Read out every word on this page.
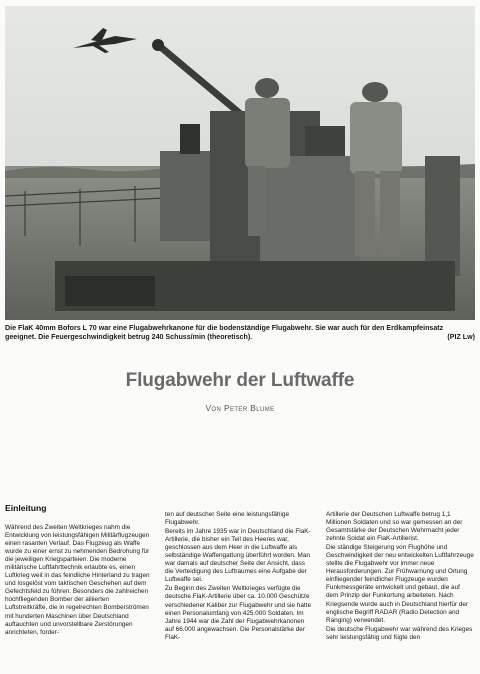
Die FlaK 40mm Bofors L 70 war eine Flugabwehrkanone für die bodenständige Flugabwehr. Sie war auch für den Erdkampfeinsatz geeignet. Die Feuergeschwindigkeit betrug 240 Schuss/min (theoretisch).	(PIZ Lw)
Flugabwehr der Luftwaffe
Von Peter Blume
Einleitung

Während des Zweiten Weltkrieges nahm die Entwicklung von leistungsfähigen Militärflugzeugen einen rasanten Verlauf. Das Flugzeug als Waffe wurde zu einer ernst zu nehmenden Bedrohung für die jeweiligen Kriegsparteien. Die moderne militärische Luftfahrttechnik erlaubte es, einen Luftkrieg weit in das feindliche Hinterland zu tragen und losgelöst vom taktischen Geschehen auf dem Gefechtsfeld zu führen. Besonders die zahlreichen hochfliegenden Bomber der alliierten Luftstreitkräfte, die in regelrechten Bomberströmen mit hunderten Maschinen über Deutschland auftauchten und unvorstellbare Zerstörungen anrichteten, forder-

ten auf deutscher Seite eine leistungsfähige Flugabwehr.

Bereits im Jahre 1935 war in Deutschland die FlaK-Artillerie, die bisher ein Teil des Heeres war, geschlossen aus dem Heer in die Luftwaffe als selbständige Waffengattung überführt worden. Man war damals auf deutscher Seite der Ansicht, dass die Verteidigung des Luftraumes eine Aufgabe der Luftwaffe sei.

Zu Beginn des Zweiten Weltkrieges verfügte die deutsche FlaK-Artillerie über ca. 10.000 Geschütze verschiedener Kaliber zur Flugabwehr und sie hatte einen Personalumfang von 425.000 Soldaten. Im Jahre 1944 war die Zahl der Flugabwehrkanonen auf 66.000 angewachsen. Die Personalstärke der FlaK-

Artillerie der Deutschen Luftwaffe betrug 1,1 Millionen Soldaten und so war gemessen an der Gesamtstärke der Deutschen Wehrmacht jeder zehnte Soldat ein FlaK-Artillerist.

Die ständige Steigerung von Flughöhe und Geschwindigkeit der neu entwickelten Luftfahrzeuge stellte die Flugabwehr vor immer neue Herausforderungen. Zur Frühwarnung und Ortung einfliegender feindlicher Flugzeuge wurden Funkmessgeräte entwickelt und gebaut, die auf dem Prinzip der Funkortung arbeiteten. Nach Kriegsende wurde auch in Deutschland hierfür der englische Begriff RADAR (Radio Detection and Ranging) verwendet.

Die deutsche Flugabwehr war während des Krieges sehr leistungsfähig und fügte den
